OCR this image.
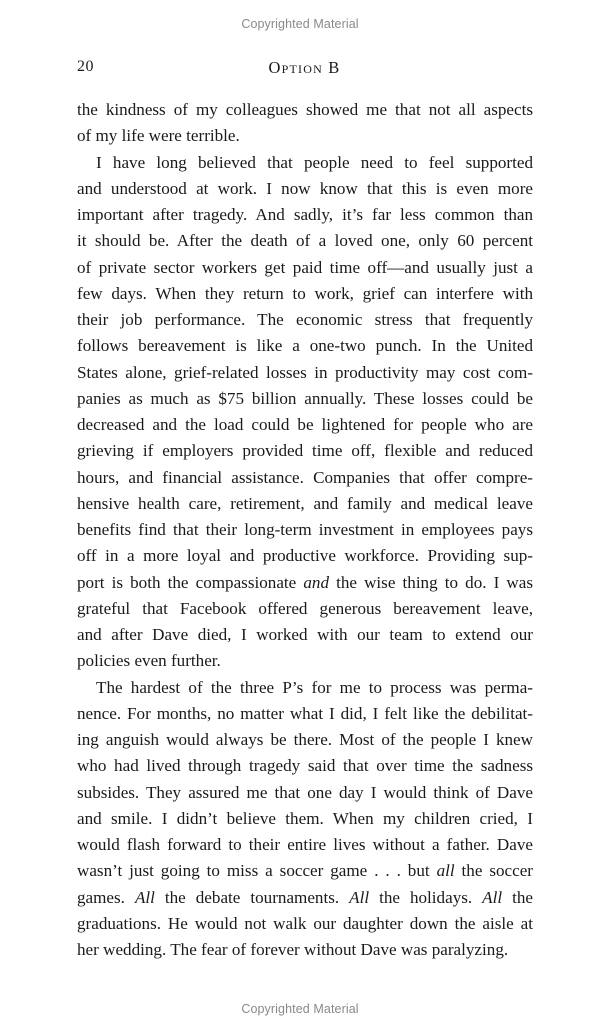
Copyrighted Material
20	Option B
the kindness of my colleagues showed me that not all aspects
of my life were terrible.
I have long believed that people need to feel supported
and understood at work. I now know that this is even more
important after tragedy. And sadly, it’s far less common than
it should be. After the death of a loved one, only 60 percent
of private sector workers get paid time off—and usually just a
few days. When they return to work, grief can interfere with
their job performance. The economic stress that frequently
follows bereavement is like a one-two punch. In the United
States alone, grief-related losses in productivity may cost com-
panies as much as $75 billion annually. These losses could be
decreased and the load could be lightened for people who are
grieving if employers provided time off, flexible and reduced
hours, and financial assistance. Companies that offer compre-
hensive health care, retirement, and family and medical leave
benefits find that their long-term investment in employees pays
off in a more loyal and productive workforce. Providing sup-
port is both the compassionate and the wise thing to do. I was
grateful that Facebook offered generous bereavement leave,
and after Dave died, I worked with our team to extend our
policies even further.
The hardest of the three P’s for me to process was perma-
nence. For months, no matter what I did, I felt like the debilitat-
ing anguish would always be there. Most of the people I knew
who had lived through tragedy said that over time the sadness
subsides. They assured me that one day I would think of Dave
and smile. I didn’t believe them. When my children cried, I
would flash forward to their entire lives without a father. Dave
wasn’t just going to miss a soccer game . . . but all the soccer
games. All the debate tournaments. All the holidays. All the
graduations. He would not walk our daughter down the aisle at
her wedding. The fear of forever without Dave was paralyzing.
Copyrighted Material
